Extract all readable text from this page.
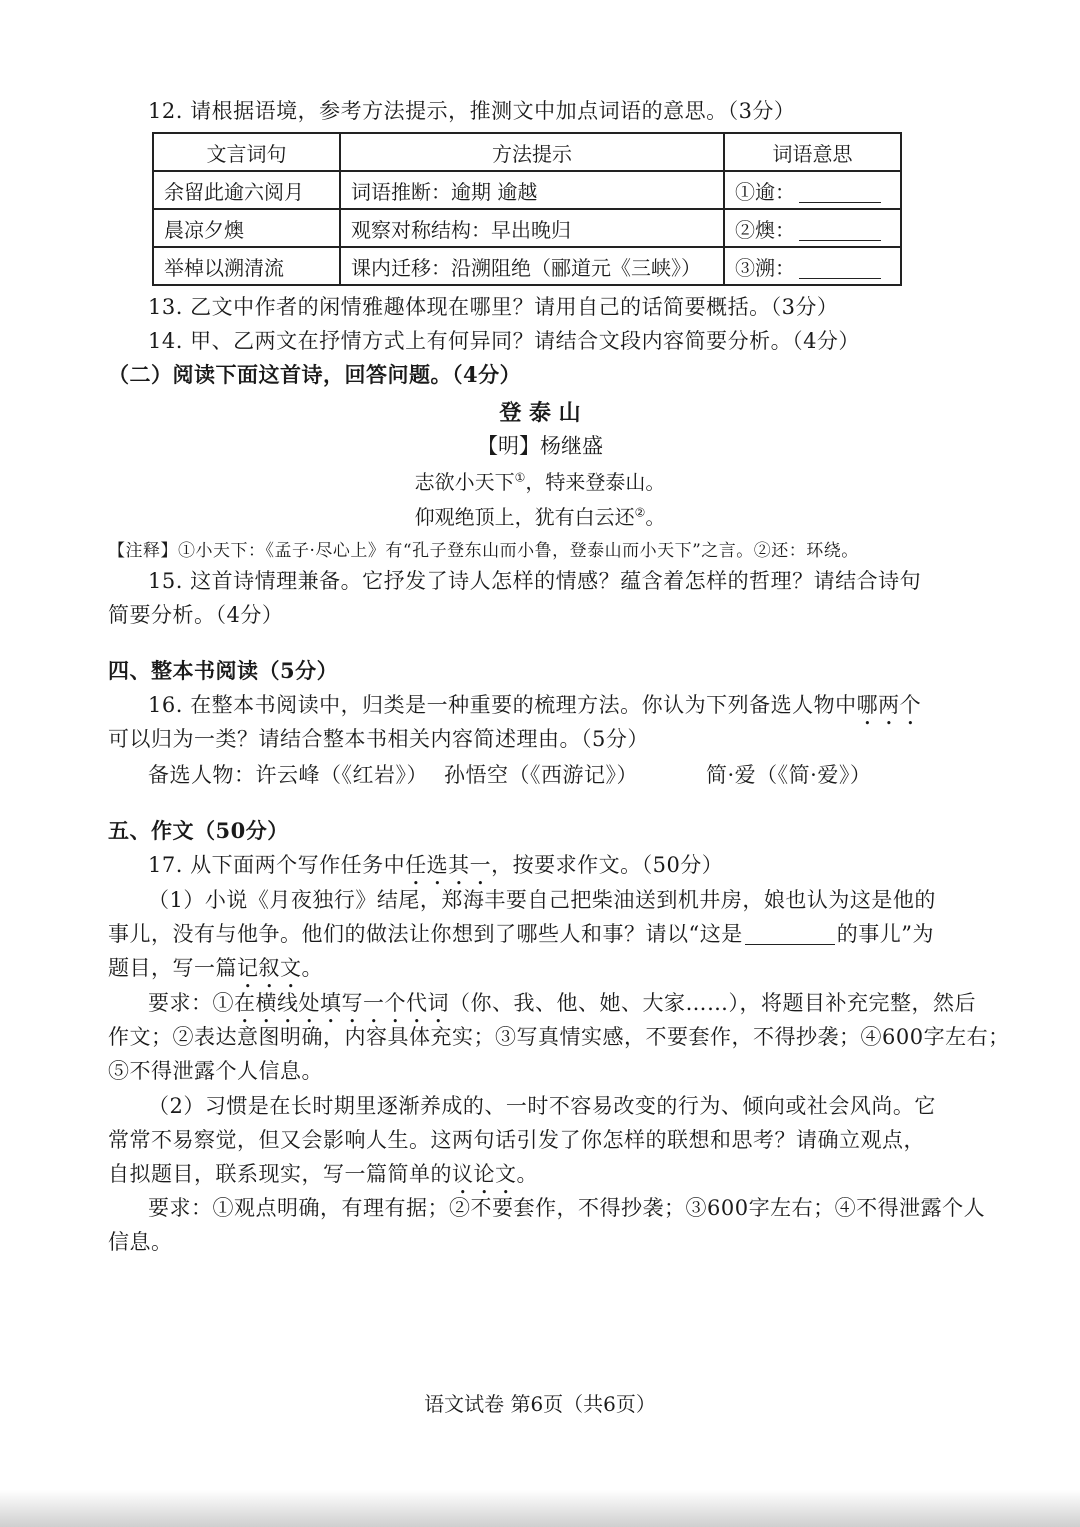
12. 请根据语境，参考方法提示，推测文中加点词语的意思。（3分）
文言词句	方法提示	词语意思
余留此逾六阅月	词语推断：逾期 逾越	①逾：
晨凉夕燠	观察对称结构：早出晚归	②燠：
举棹以溯清流	课内迁移：沿溯阻绝（郦道元《三峡》）	③溯：
13. 乙文中作者的闲情雅趣体现在哪里？请用自己的话简要概括。（3分）
14. 甲、乙两文在抒情方式上有何异同？请结合文段内容简要分析。（4分）
（二）阅读下面这首诗，回答问题。（4分）
登 泰 山
【明】杨继盛
志欲小天下①，特来登泰山。
仰观绝顶上，犹有白云还②。
【注释】①小天下：《孟子·尽心上》有“孔子登东山而小鲁，登泰山而小天下”之言。②还：环绕。
15. 这首诗情理兼备。它抒发了诗人怎样的情感？蕴含着怎样的哲理？请结合诗句
简要分析。（4分）
四、整本书阅读（5分）
16. 在整本书阅读中，归类是一种重要的梳理方法。你认为下列备选人物中哪两个
可以归为一类？请结合整本书相关内容简述理由。（5分）
备选人物：许云峰（《红岩》） 孙悟空（《西游记》）	简·爱（《简·爱》）
五、作文（50分）
17. 从下面两个写作任务中任选其一，按要求作文。（50分）
（1）小说《月夜独行》结尾，郑海丰要自己把柴油送到机井房，娘也认为这是他的
事儿，没有与他争。他们的做法让你想到了哪些人和事？请以“这是	的事儿”为
题目，写一篇记叙文。
要求：①在横线处填写一个代词（你、我、他、她、大家……），将题目补充完整，然后
作文；②表达意图明确，内容具体充实；③写真情实感，不要套作，不得抄袭；④600字左右；
⑤不得泄露个人信息。
（2）习惯是在长时期里逐渐养成的、一时不容易改变的行为、倾向或社会风尚。它
常常不易察觉，但又会影响人生。这两句话引发了你怎样的联想和思考？请确立观点，
自拟题目，联系现实，写一篇简单的议论文。
要求：①观点明确，有理有据；②不要套作，不得抄袭；③600字左右；④不得泄露个人
信息。
语文试卷 第6页（共6页）
